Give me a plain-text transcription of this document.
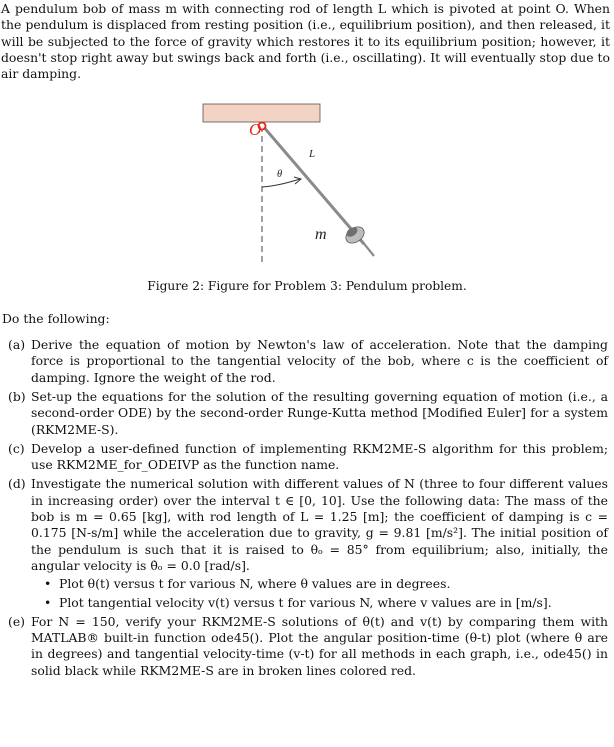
A pendulum bob of mass m with connecting rod of length L which is pivoted at point O. When the pendulum is displaced from resting position (i.e., equilibrium position), and then released, it will be subjected to the force of gravity which restores it to its equilibrium position; however, it doesn't stop right away but swings back and forth (i.e., oscillating). It will eventually stop due to air damping.

O
L
θ
m

Figure 2: Figure for Problem 3: Pendulum problem.

Do the following:

(a) Derive the equation of motion by Newton's law of acceleration. Note that the damping force is proportional to the tangential velocity of the bob, where c is the coefficient of damping. Ignore the weight of the rod.
(b) Set-up the equations for the solution of the resulting governing equation of motion (i.e., a second-order ODE) by the second-order Runge-Kutta method [Modified Euler] for a system (RKM2ME-S).
(c) Develop a user-defined function of implementing RKM2ME-S algorithm for this problem; use RKM2ME_for_ODEIVP as the function name.
(d) Investigate the numerical solution with different values of N (three to four different values in increasing order) over the interval t ∈ [0, 10]. Use the following data: The mass of the bob is m = 0.65 [kg], with rod length of L = 1.25 [m]; the coefficient of damping is c = 0.175 [N-s/m] while the acceleration due to gravity, g = 9.81 [m/s²]. The initial position of the pendulum is such that it is raised to θₒ = 85° from equilibrium; also, initially, the angular velocity is θ̇ₒ = 0.0 [rad/s].
• Plot θ(t) versus t for various N, where θ values are in degrees.
• Plot tangential velocity v(t) versus t for various N, where v values are in [m/s].
(e) For N = 150, verify your RKM2ME-S solutions of θ(t) and v(t) by comparing them with MATLAB® built-in function ode45(). Plot the angular position-time (θ-t) plot (where θ are in degrees) and tangential velocity-time (v-t) for all methods in each graph, i.e., ode45() in solid black while RKM2ME-S are in broken lines colored red.
